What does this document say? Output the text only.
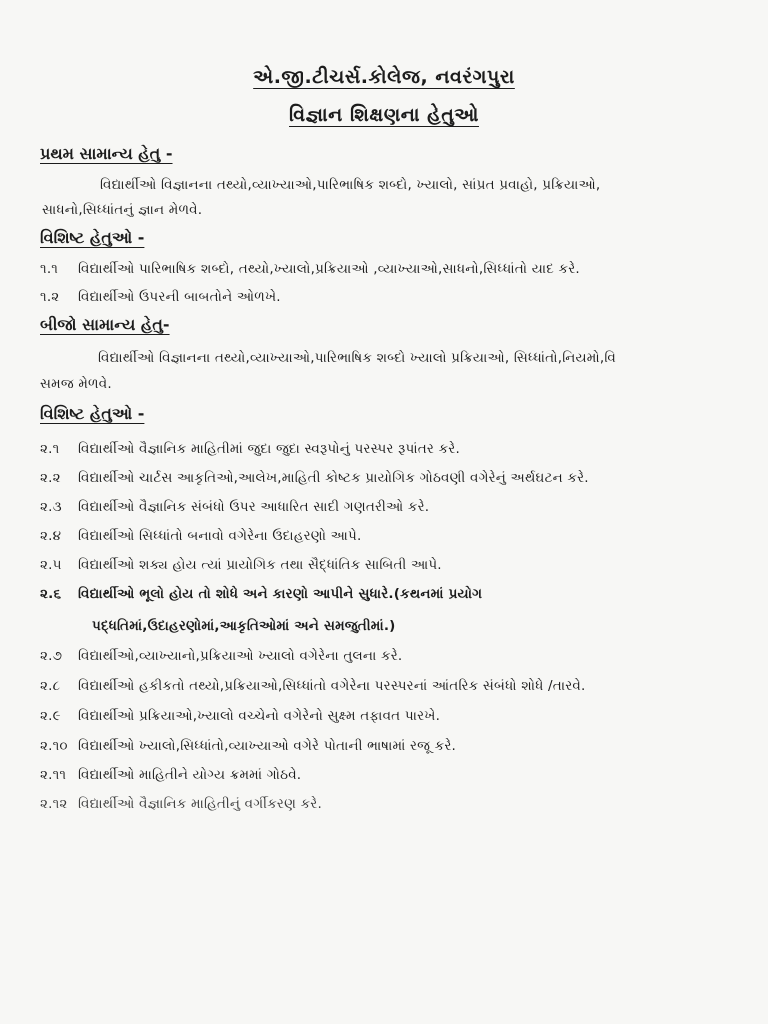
એ.જી.ટીચર્સ.કોલેજ, નવરંગપુરા
વિજ્ઞાન શિક્ષણના હેતુઓ
પ્રથમ સામાન્ય હેતુ -
વિદ્યાર્થીઓ વિજ્ઞાનના તથ્યો,વ્યાખ્યાઓ,પારિભાષિક શબ્દો, ખ્યાલો, સાંપ્રત પ્રવાહો, પ્રક્રિયાઓ,
સાધનો,સિધ્ધાંતનું જ્ઞાન મેળવે.
વિશિષ્ટ હેતુઓ -
૧.૧ વિદ્યાર્થીઓ પારિભાષિક શબ્દો, તથ્યો,ખ્યાલો,પ્રક્રિયાઓ ,વ્યાખ્યાઓ,સાધનો,સિધ્ધાંતો યાદ કરે.
૧.૨ વિદ્યાર્થીઓ ઉપરની બાબતોને ઓળખે.
બીજો સામાન્ય હેતુ-
વિદ્યાર્થીઓ વિજ્ઞાનના તથ્યો,વ્યાખ્યાઓ,પારિભાષિક શબ્દો ખ્યાલો પ્રક્રિયાઓ, સિધ્ધાંતો,નિયમો,વિ
સમજ મેળવે.
વિશિષ્ટ હેતુઓ -
૨.૧ વિદ્યાર્થીઓ વૈજ્ઞાનિક માહિતીમાં જુદા જુદા સ્વરૂપોનું પરસ્પર રૂપાંતર કરે.
૨.૨ વિદ્યાર્થીઓ ચાર્ટસ આકૃતિઓ,આલેખ,માહિતી કોષ્ટક પ્રાયોગિક ગોઠવણી વગેરેનું અર્થઘટન કરે.
૨.૩ વિદ્યાર્થીઓ વૈજ્ઞાનિક સંબંધો ઉપર આધારિત સાદી ગણતરીઓ કરે.
૨.૪ વિદ્યાર્થીઓ સિધ્ધાંતો બનાવો વગેરેના ઉદાહરણો આપે.
૨.૫ વિદ્યાર્થીઓ શક્ય હોય ત્યાં પ્રાયોગિક તથા સૈદ્ધાંતિક સાબિતી આપે.
૨.૬ વિદ્યાર્થીઓ ભૂલો હોય તો શોધે અને કારણો આપીને સુધારે.(કથનમાં પ્રયોગ
પદ્ધતિમાં,ઉદાહરણોમાં,આકૃતિઓમાં અને સમજુતીમાં.)
૨.૭ વિદ્યાર્થીઓ,વ્યાખ્યાનો,પ્રક્રિયાઓ ખ્યાલો વગેરેના તુલના કરે.
૨.૮ વિદ્યાર્થીઓ હકીકતો તથ્યો,પ્રક્રિયાઓ,સિધ્ધાંતો વગેરેના પરસ્પરનાં આંતરિક સંબંધો શોધે /તારવે.
૨.૯ વિદ્યાર્થીઓ પ્રક્રિયાઓ,ખ્યાલો વચ્ચેનો વગેરેનો સુક્ષ્મ તફાવત પારખે.
૨.૧૦ વિદ્યાર્થીઓ ખ્યાલો,સિધ્ધાંતો,વ્યાખ્યાઓ વગેરે પોતાની ભાષામાં રજૂ કરે.
૨.૧૧ વિદ્યાર્થીઓ માહિતીને યોગ્ય ક્રમમાં ગોઠવે.
૨.૧૨ વિદ્યાર્થીઓ વૈજ્ઞાનિક માહિતીનું વર્ગીકરણ કરે.
